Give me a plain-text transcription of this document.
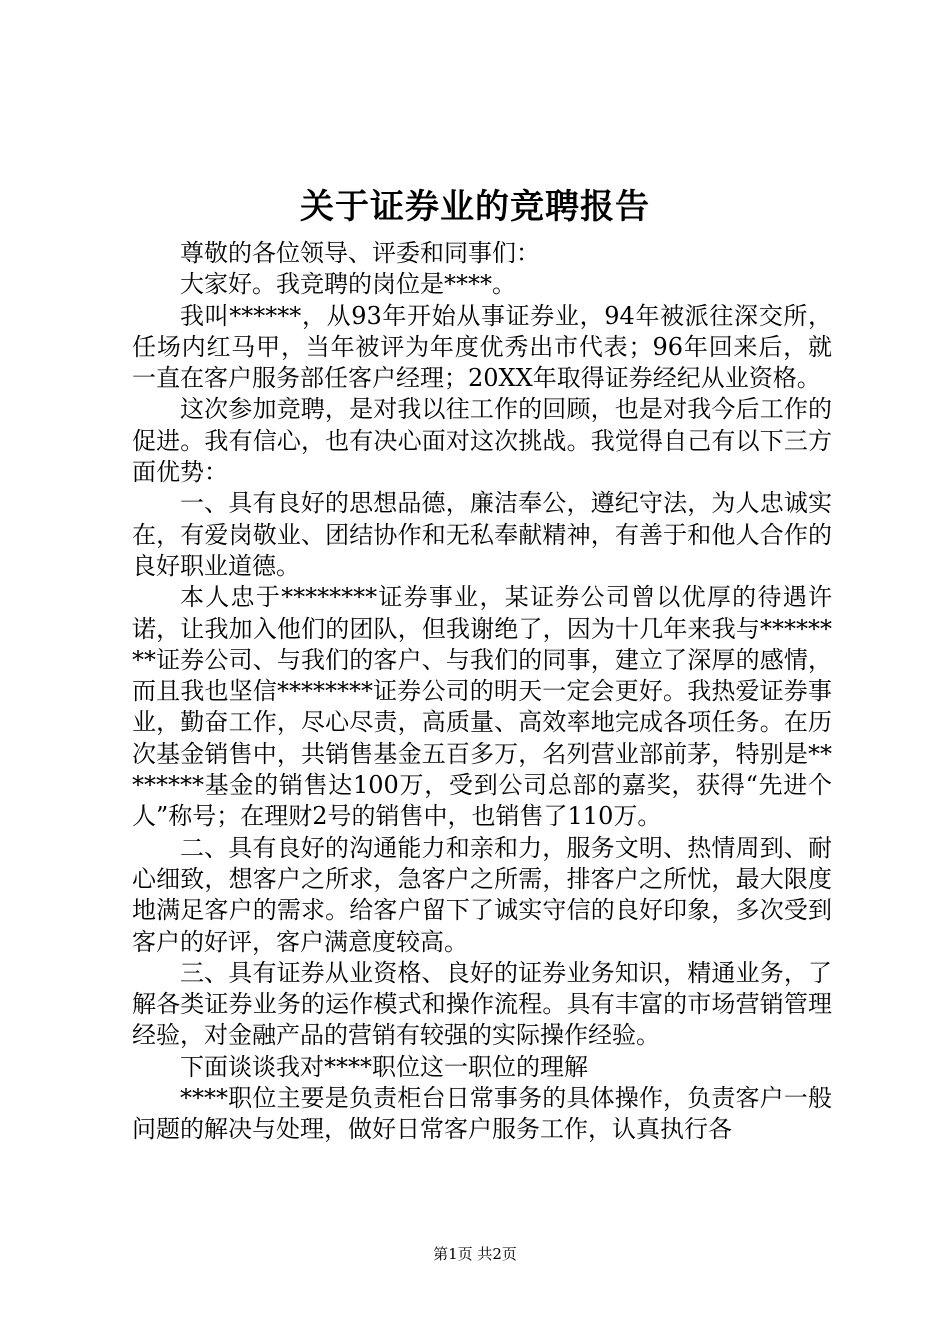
关于证券业的竞聘报告

尊敬的各位领导、评委和同事们：

大家好。我竞聘的岗位是****。

我叫******，从93年开始从事证券业，94年被派往深交所，任场内红马甲，当年被评为年度优秀出市代表；96年回来后，就一直在客户服务部任客户经理；20XX年取得证券经纪从业资格。

这次参加竞聘，是对我以往工作的回顾，也是对我今后工作的促进。我有信心，也有决心面对这次挑战。我觉得自己有以下三方面优势：

一、具有良好的思想品德，廉洁奉公，遵纪守法，为人忠诚实在，有爱岗敬业、团结协作和无私奉献精神，有善于和他人合作的良好职业道德。

本人忠于********证券事业，某证券公司曾以优厚的待遇许诺，让我加入他们的团队，但我谢绝了，因为十几年来我与********证券公司、与我们的客户、与我们的同事，建立了深厚的感情，而且我也坚信********证券公司的明天一定会更好。我热爱证券事业，勤奋工作，尽心尽责，高质量、高效率地完成各项任务。在历次基金销售中，共销售基金五百多万，名列营业部前茅，特别是********基金的销售达100万，受到公司总部的嘉奖，获得“先进个人”称号；在理财2号的销售中，也销售了110万。

二、具有良好的沟通能力和亲和力，服务文明、热情周到、耐心细致，想客户之所求，急客户之所需，排客户之所忧，最大限度地满足客户的需求。给客户留下了诚实守信的良好印象，多次受到客户的好评，客户满意度较高。

三、具有证券从业资格、良好的证券业务知识，精通业务，了解各类证券业务的运作模式和操作流程。具有丰富的市场营销管理经验，对金融产品的营销有较强的实际操作经验。

下面谈谈我对****职位这一职位的理解

****职位主要是负责柜台日常事务的具体操作，负责客户一般问题的解决与处理，做好日常客户服务工作，认真执行各

第1页 共2页
